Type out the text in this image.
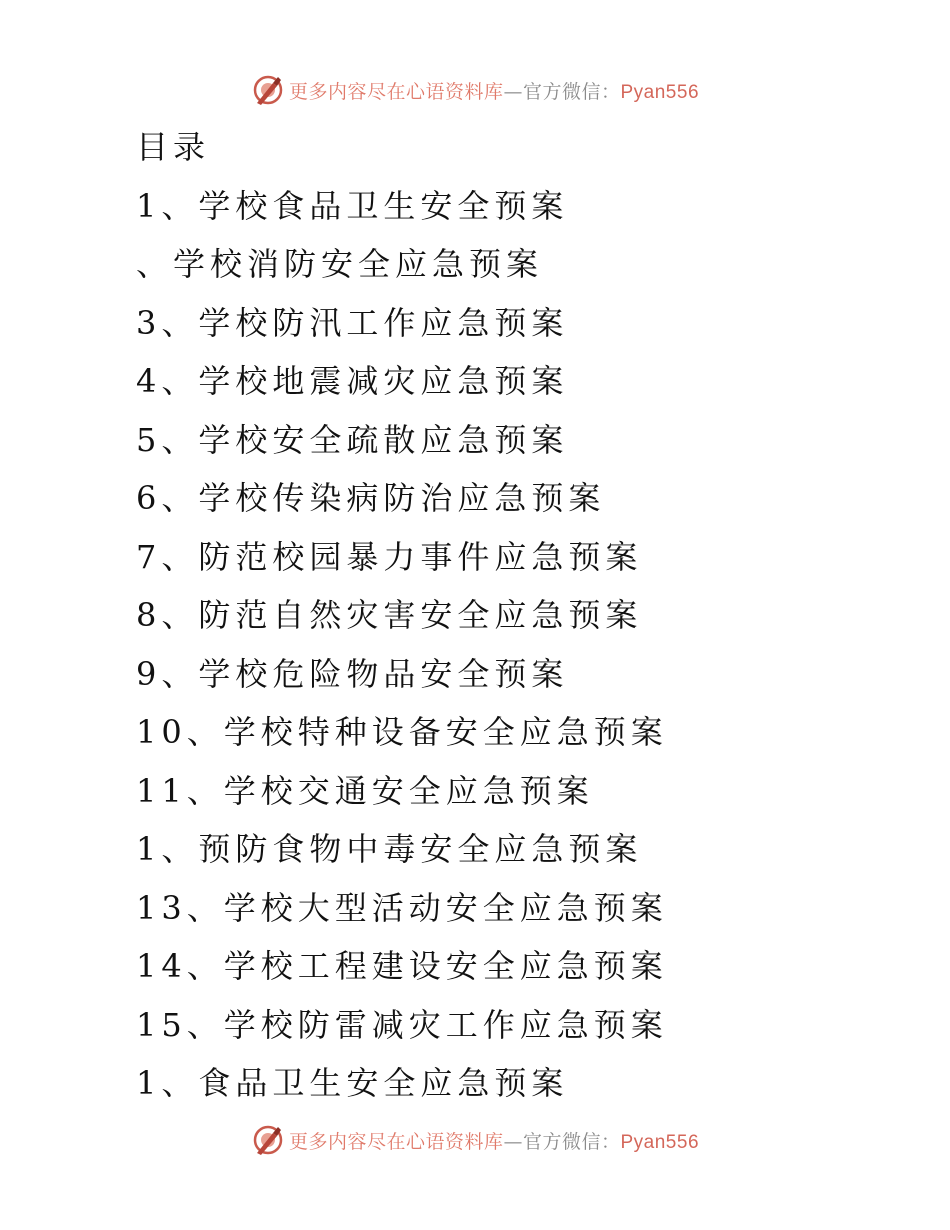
更多内容尽在心语资料库—官方微信：Pyan556
目录
1、学校食品卫生安全预案
、学校消防安全应急预案
3、学校防汛工作应急预案
4、学校地震减灾应急预案
5、学校安全疏散应急预案
6、学校传染病防治应急预案
7、防范校园暴力事件应急预案
8、防范自然灾害安全应急预案
9、学校危险物品安全预案
10、学校特种设备安全应急预案
11、学校交通安全应急预案
1、预防食物中毒安全应急预案
13、学校大型活动安全应急预案
14、学校工程建设安全应急预案
15、学校防雷减灾工作应急预案
1、食品卫生安全应急预案
更多内容尽在心语资料库—官方微信：Pyan556
